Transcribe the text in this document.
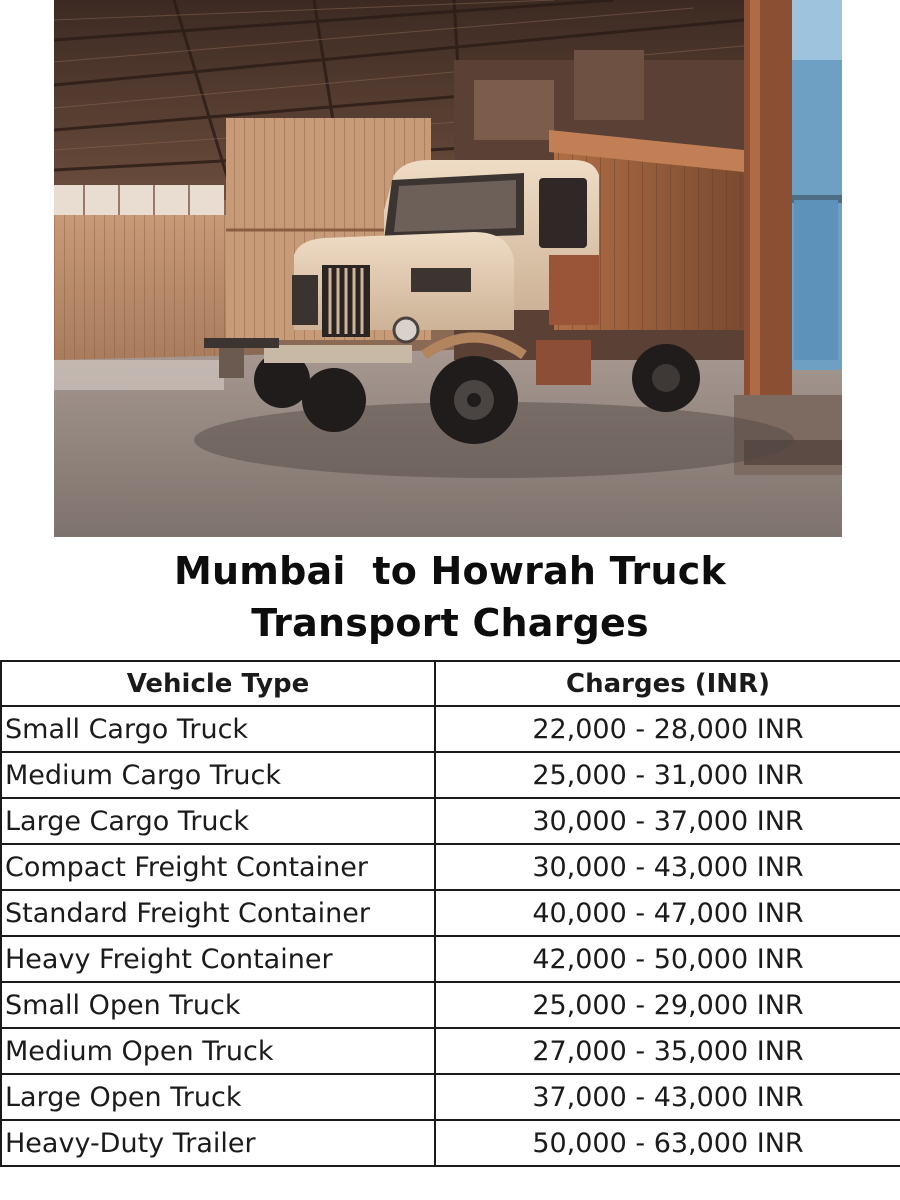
Mumbai  to Howrah Truck
Transport Charges
Vehicle Type	Charges (INR)
Small Cargo Truck	22,000 - 28,000 INR
Medium Cargo Truck	25,000 - 31,000 INR
Large Cargo Truck	30,000 - 37,000 INR
Compact Freight Container	30,000 - 43,000 INR
Standard Freight Container	40,000 - 47,000 INR
Heavy Freight Container	42,000 - 50,000 INR
Small Open Truck	25,000 - 29,000 INR
Medium Open Truck	27,000 - 35,000 INR
Large Open Truck	37,000 - 43,000 INR
Heavy-Duty Trailer	50,000 - 63,000 INR
